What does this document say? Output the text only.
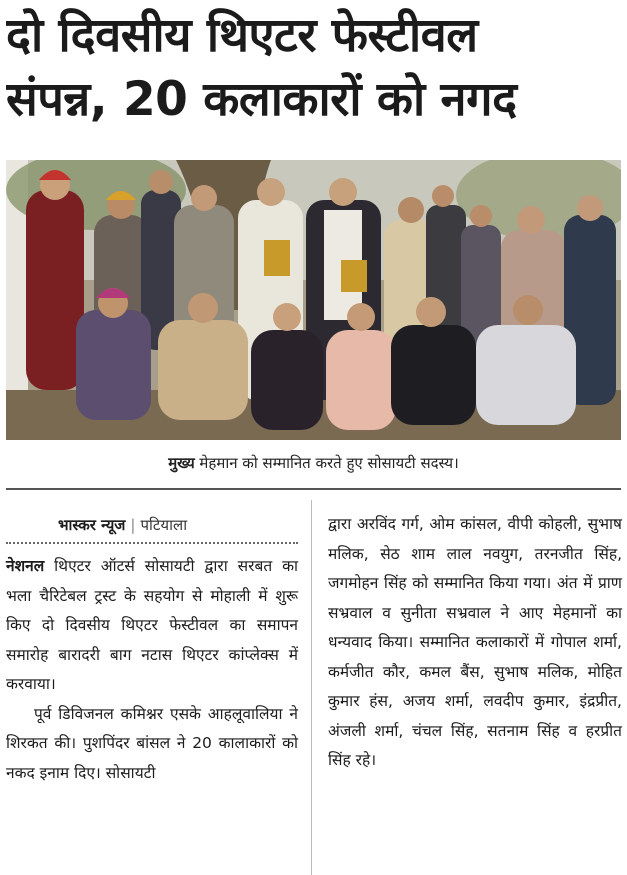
दो दिवसीय थिएटर फेस्टीवल
संपन्न, 20 कलाकारों को नगद
मुख्य मेहमान को सम्मानित करते हुए सोसायटी सदस्य।
भास्कर न्यूज | पटियाला

नेशनल थिएटर ऑटर्स सोसायटी द्वारा सरबत का भला चैरिटेबल ट्रस्ट के सहयोग से मोहाली में शुरू किए दो दिवसीय थिएटर फेस्टीवल का समापन समारोह बारादरी बाग नटास थिएटर कांप्लेक्स में करवाया।

पूर्व डिविजनल कमिश्नर एसके आहलूवालिया ने शिरकत की। पुशपिंदर बांसल ने 20 कालाकारों को नकद इनाम दिए। सोसायटी

द्वारा अरविंद गर्ग, ओम कांसल, वीपी कोहली, सुभाष मलिक, सेठ शाम लाल नवयुग, तरनजीत सिंह, जगमोहन सिंह को सम्मानित किया गया। अंत में प्राण सभ्रवाल व सुनीता सभ्रवाल ने आए मेहमानों का धन्यवाद किया। सम्मानित कलाकारों में गोपाल शर्मा, कर्मजीत कौर, कमल बैंस, सुभाष मलिक, मोहित कुमार हंस, अजय शर्मा, लवदीप कुमार, इंद्रप्रीत, अंजली शर्मा, चंचल सिंह, सतनाम सिंह व हरप्रीत सिंह रहे।
